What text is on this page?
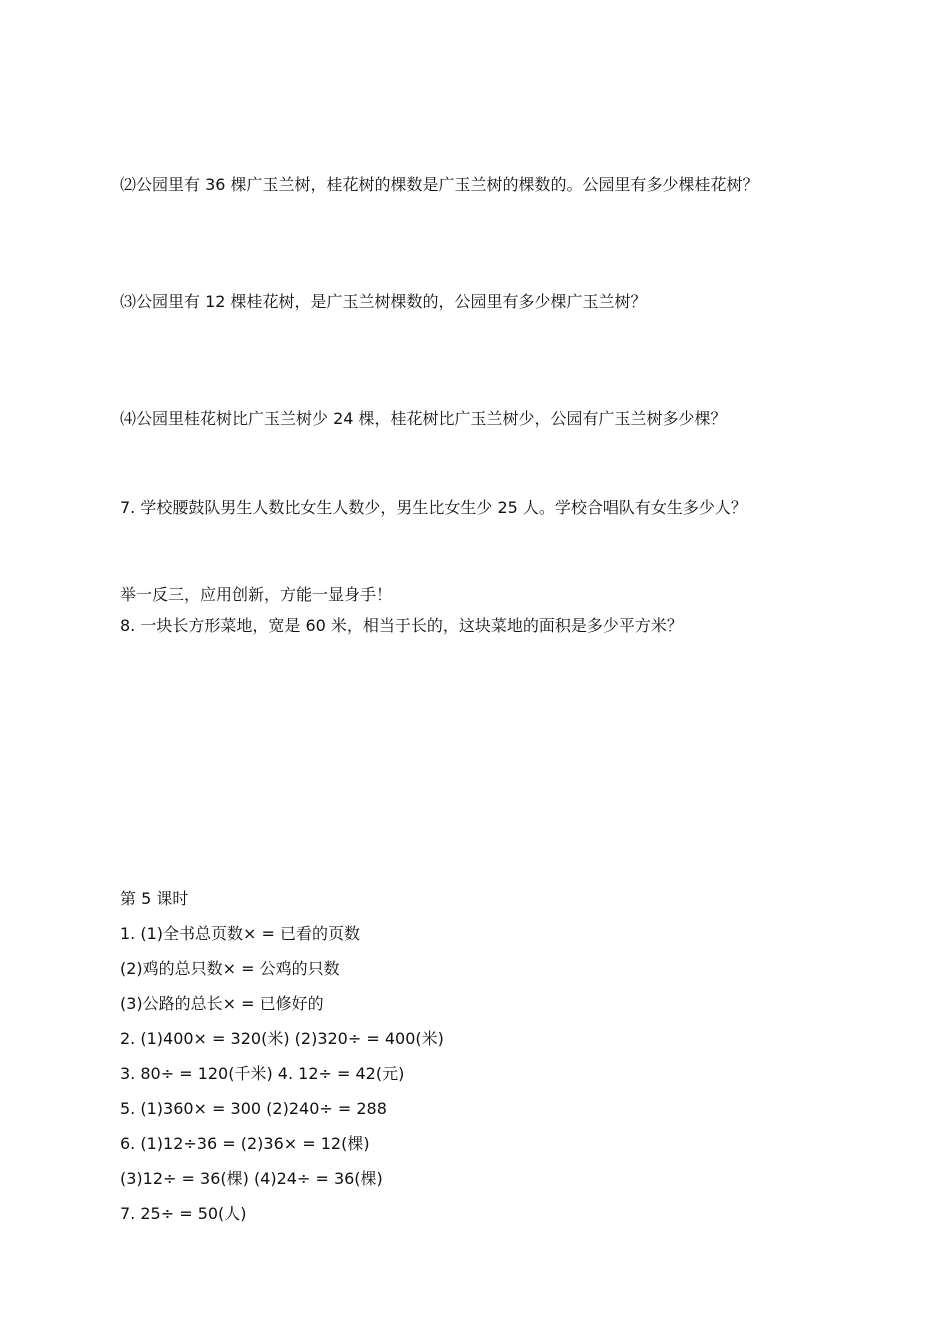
⑵公园里有 36 棵广玉兰树，桂花树的棵数是广玉兰树的棵数的。公园里有多少棵桂花树？
⑶公园里有 12 棵桂花树，是广玉兰树棵数的，公园里有多少棵广玉兰树？
⑷公园里桂花树比广玉兰树少 24 棵，桂花树比广玉兰树少，公园有广玉兰树多少棵？
7. 学校腰鼓队男生人数比女生人数少，男生比女生少 25 人。学校合唱队有女生多少人？
举一反三，应用创新，方能一显身手！
8. 一块长方形菜地，宽是 60 米，相当于长的，这块菜地的面积是多少平方米？
第 5 课时
1. (1)全书总页数× = 已看的页数
(2)鸡的总只数× = 公鸡的只数
(3)公路的总长× = 已修好的
2. (1)400× = 320(米) (2)320÷ = 400(米)
3. 80÷ = 120(千米) 4. 12÷ = 42(元)
5. (1)360× = 300 (2)240÷ = 288
6. (1)12÷36 = (2)36× = 12(棵)
(3)12÷ = 36(棵) (4)24÷ = 36(棵)
7. 25÷ = 50(人)
